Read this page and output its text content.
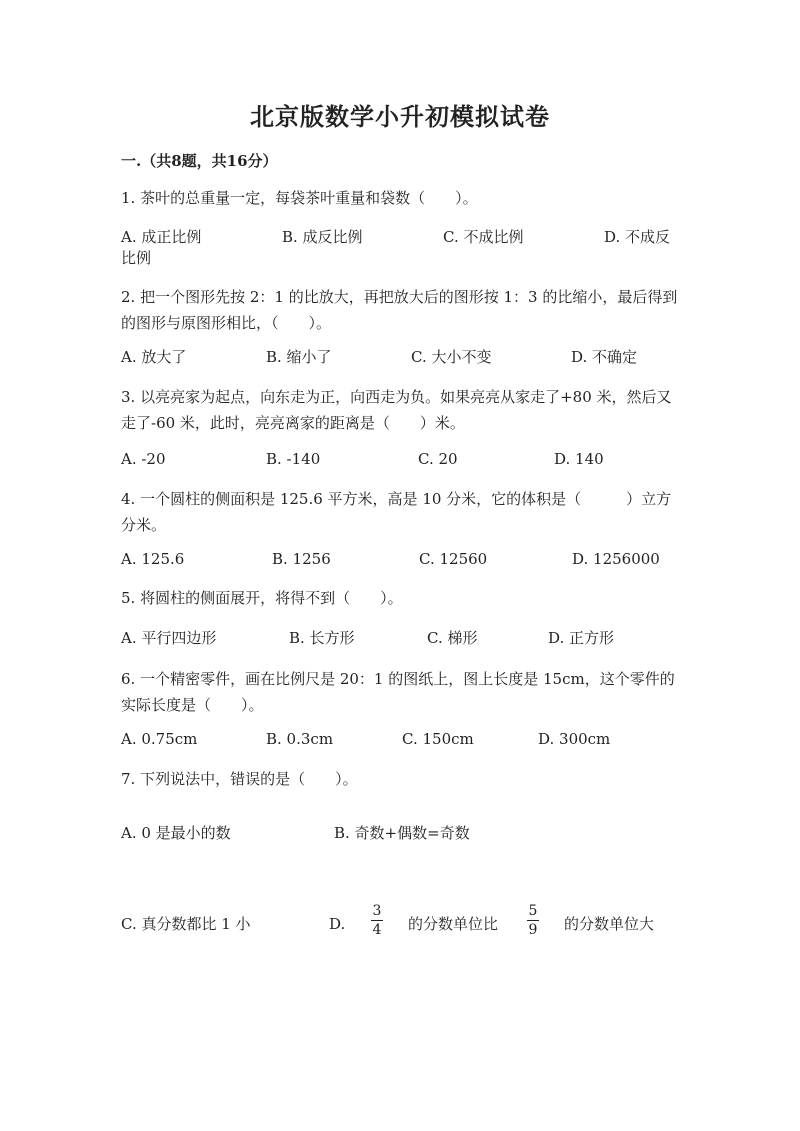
北京版数学小升初模拟试卷
一.（共8题，共16分）
1. 茶叶的总重量一定，每袋茶叶重量和袋数（　　）。
A. 成正比例	B. 成反比例	C. 不成比例	D. 不成反
比例
2. 把一个图形先按 2：1 的比放大，再把放大后的图形按 1：3 的比缩小，最后得到的图形与原图形相比，（　　）。
A. 放大了	B. 缩小了	C. 大小不变	D. 不确定
3. 以亮亮家为起点，向东走为正，向西走为负。如果亮亮从家走了+80 米，然后又走了-60 米，此时，亮亮离家的距离是（　　）米。
A. -20	B. -140	C. 20	D. 140
4. 一个圆柱的侧面积是 125.6 平方米，高是 10 分米，它的体积是（　　　）立方分米。
A. 125.6	B. 1256	C. 12560	D. 1256000
5. 将圆柱的侧面展开，将得不到（　　）。
A. 平行四边形	B. 长方形	C. 梯形	D. 正方形
6. 一个精密零件，画在比例尺是 20：1 的图纸上，图上长度是 15cm，这个零件的实际长度是（　　）。
A. 0.75cm	B. 0.3cm	C. 150cm	D. 300cm
7. 下列说法中，错误的是（　　）。
A. 0 是最小的数	B. 奇数+偶数=奇数
C. 真分数都比 1 小	D.
3
4 的分数单位比
5
9 的分数单位大
